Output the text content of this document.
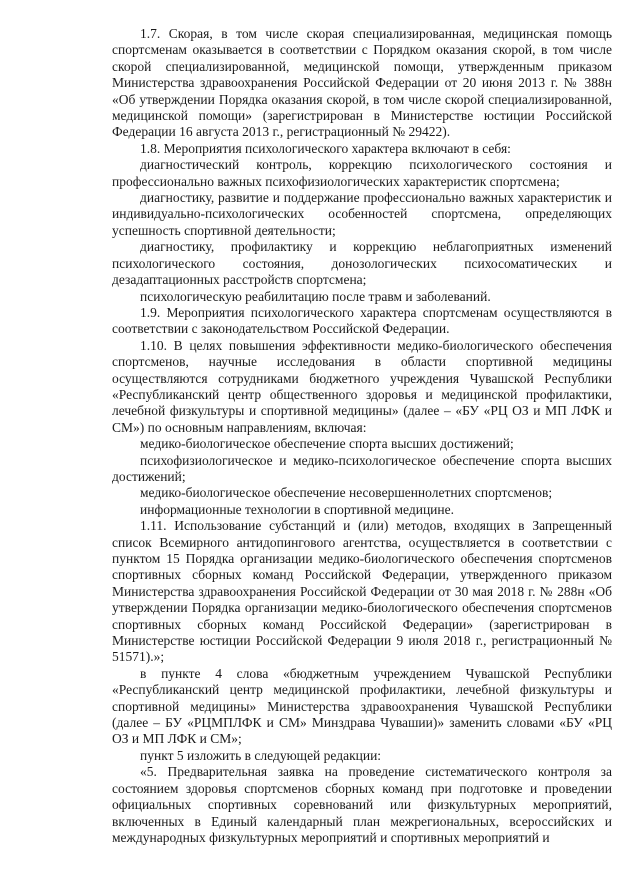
1.7. Скорая, в том числе скорая специализированная, медицинская помощь спортсменам оказывается в соответствии с Порядком оказания скорой, в том числе скорой специализированной, медицинской помощи, утвержденным приказом Министерства здравоохранения Российской Федерации от 20 июня 2013 г. № 388н «Об утверждении Порядка оказания скорой, в том числе скорой специализированной, медицинской помощи» (зарегистрирован в Министерстве юстиции Российской Федерации 16 августа 2013 г., регистрационный № 29422).

1.8. Мероприятия психологического характера включают в себя:

диагностический контроль, коррекцию психологического состояния и профессионально важных психофизиологических характеристик спортсмена;

диагностику, развитие и поддержание профессионально важных характеристик и индивидуально-психологических особенностей спортсмена, определяющих успешность спортивной деятельности;

диагностику, профилактику и коррекцию неблагоприятных изменений психологического состояния, донозологических психосоматических и дезадаптационных расстройств спортсмена;

психологическую реабилитацию после травм и заболеваний.

1.9. Мероприятия психологического характера спортсменам осуществляются в соответствии с законодательством Российской Федерации.

1.10. В целях повышения эффективности медико-биологического обеспечения спортсменов, научные исследования в области спортивной медицины осуществляются сотрудниками бюджетного учреждения Чувашской Республики «Республиканский центр общественного здоровья и медицинской профилактики, лечебной физкультуры и спортивной медицины» (далее – «БУ «РЦ ОЗ и МП ЛФК и СМ») по основным направлениям, включая:

медико-биологическое обеспечение спорта высших достижений;

психофизиологическое и медико-психологическое обеспечение спорта высших достижений;

медико-биологическое обеспечение несовершеннолетних спортсменов;

информационные технологии в спортивной медицине.

1.11. Использование субстанций и (или) методов, входящих в Запрещенный список Всемирного антидопингового агентства, осуществляется в соответствии с пунктом 15 Порядка организации медико-биологического обеспечения спортсменов спортивных сборных команд Российской Федерации, утвержденного приказом Министерства здравоохранения Российской Федерации от 30 мая 2018 г. № 288н «Об утверждении Порядка организации медико-биологического обеспечения спортсменов спортивных сборных команд Российской Федерации» (зарегистрирован в Министерстве юстиции Российской Федерации 9 июля 2018 г., регистрационный № 51571).»;

в пункте 4 слова «бюджетным учреждением Чувашской Республики «Республиканский центр медицинской профилактики, лечебной физкультуры и спортивной медицины» Министерства здравоохранения Чувашской Республики (далее – БУ «РЦМПЛФК и СМ» Минздрава Чувашии)» заменить словами «БУ «РЦ ОЗ и МП ЛФК и СМ»;

пункт 5 изложить в следующей редакции:

«5. Предварительная заявка на проведение систематического контроля за состоянием здоровья спортсменов сборных команд при подготовке и проведении официальных спортивных соревнований или физкультурных мероприятий, включенных в Единый календарный план межрегиональных, всероссийских и международных физкультурных мероприятий и спортивных мероприятий и
